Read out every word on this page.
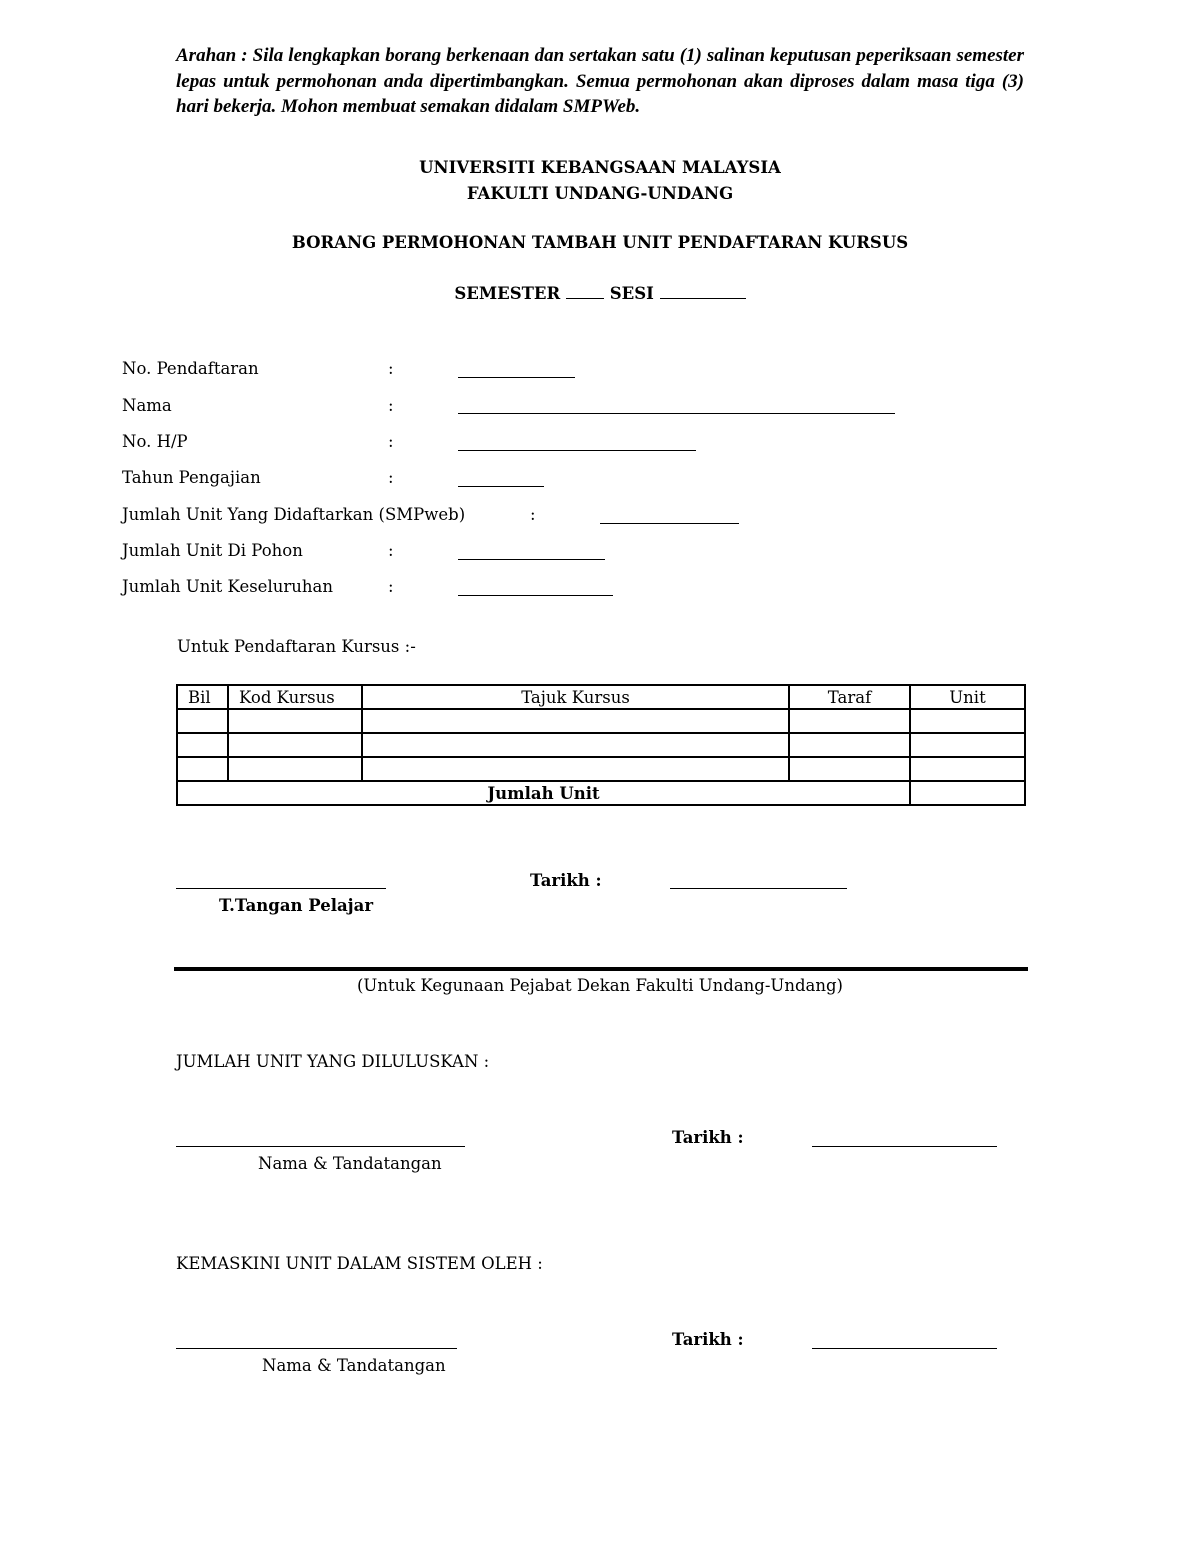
Arahan : Sila lengkapkan borang berkenaan dan sertakan satu (1) salinan keputusan peperiksaan semester lepas untuk permohonan anda dipertimbangkan. Semua permohonan akan diproses dalam masa tiga (3) hari bekerja. Mohon membuat semakan didalam SMPWeb.
UNIVERSITI KEBANGSAAN MALAYSIA
FAKULTI UNDANG-UNDANG
BORANG PERMOHONAN TAMBAH UNIT PENDAFTARAN KURSUS
SEMESTER	SESI
No. Pendaftaran	:
Nama	:
No. H/P	:
Tahun Pengajian	:
Jumlah Unit Yang Didaftarkan (SMPweb)	:
Jumlah Unit Di Pohon	:
Jumlah Unit Keseluruhan	:
Untuk Pendaftaran Kursus :-
Bil	Kod Kursus	Tajuk Kursus	Taraf	Unit

Jumlah Unit				
T.Tangan Pelajar
Tarikh :
(Untuk Kegunaan Pejabat Dekan Fakulti Undang-Undang)
JUMLAH UNIT YANG DILULUSKAN :
Nama & Tandatangan
Tarikh :
KEMASKINI UNIT DALAM SISTEM OLEH :
Nama & Tandatangan
Tarikh :
